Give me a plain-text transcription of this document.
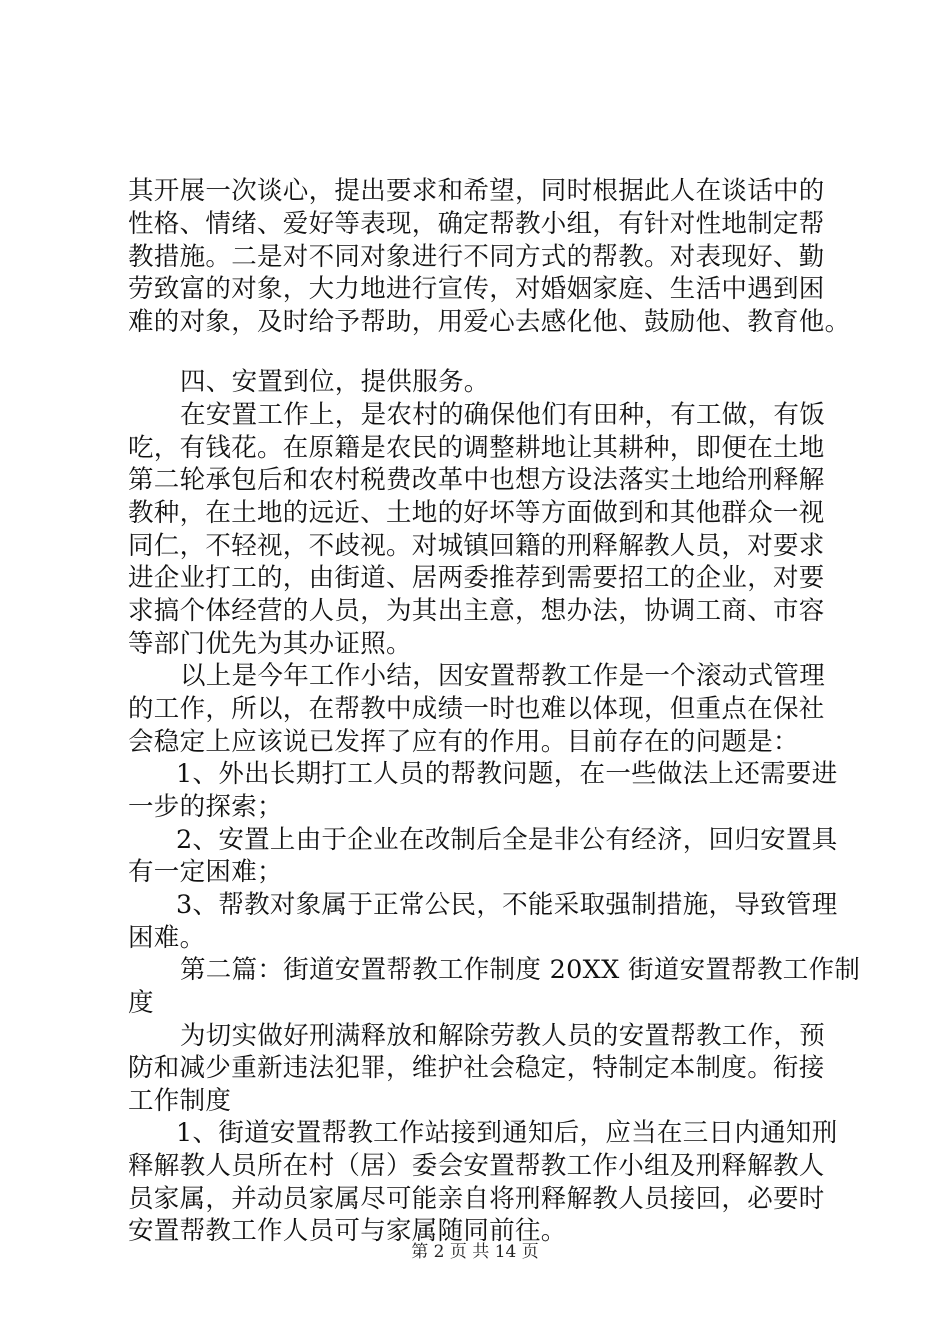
其开展一次谈心，提出要求和希望，同时根据此人在谈话中的
性格、情绪、爱好等表现，确定帮教小组，有针对性地制定帮
教措施。二是对不同对象进行不同方式的帮教。对表现好、勤
劳致富的对象，大力地进行宣传，对婚姻家庭、生活中遇到困
难的对象，及时给予帮助，用爱心去感化他、鼓励他、教育他。
四、安置到位，提供服务。
在安置工作上，是农村的确保他们有田种，有工做，有饭
吃，有钱花。在原籍是农民的调整耕地让其耕种，即便在土地
第二轮承包后和农村税费改革中也想方设法落实土地给刑释解
教种，在土地的远近、土地的好坏等方面做到和其他群众一视
同仁，不轻视，不歧视。对城镇回籍的刑释解教人员，对要求
进企业打工的，由街道、居两委推荐到需要招工的企业，对要
求搞个体经营的人员，为其出主意，想办法，协调工商、市容
等部门优先为其办证照。
以上是今年工作小结，因安置帮教工作是一个滚动式管理
的工作，所以，在帮教中成绩一时也难以体现，但重点在保社
会稳定上应该说已发挥了应有的作用。目前存在的问题是：
1、外出长期打工人员的帮教问题，在一些做法上还需要进
一步的探索；
2、安置上由于企业在改制后全是非公有经济，回归安置具
有一定困难；
3、帮教对象属于正常公民，不能采取强制措施，导致管理
困难。
第二篇：街道安置帮教工作制度 20XX 街道安置帮教工作制
度
为切实做好刑满释放和解除劳教人员的安置帮教工作，预
防和减少重新违法犯罪，维护社会稳定，特制定本制度。衔接
工作制度
1、街道安置帮教工作站接到通知后，应当在三日内通知刑
释解教人员所在村（居）委会安置帮教工作小组及刑释解教人
员家属，并动员家属尽可能亲自将刑释解教人员接回，必要时
安置帮教工作人员可与家属随同前往。
第 2 页 共 14 页
